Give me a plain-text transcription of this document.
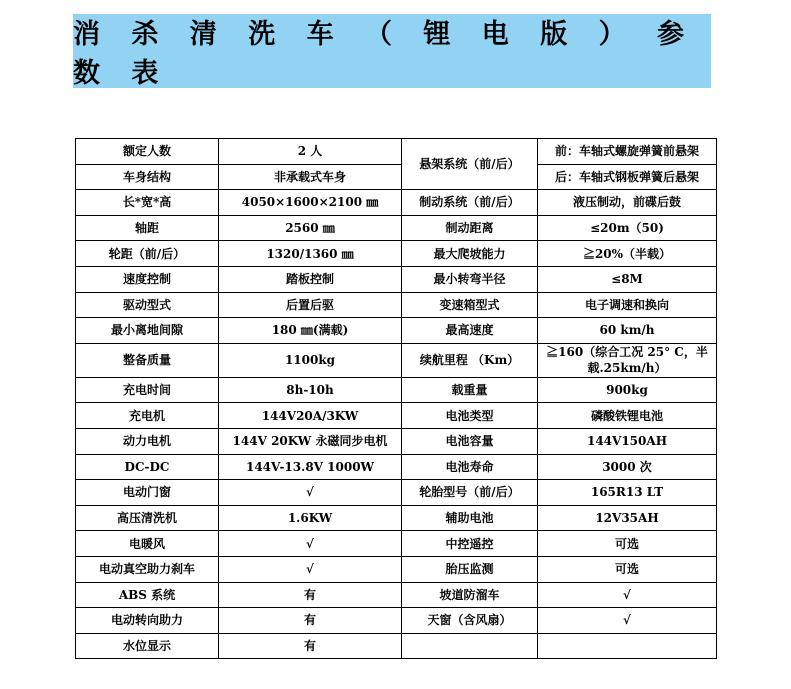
消 杀 清 洗 车 （ 锂 电 版 ） 参 数 表
额定人数	2 人	悬架系统（前/后）	前：车轴式螺旋弹簧前悬架
车身结构	非承载式车身		后：车轴式钢板弹簧后悬架
长*宽*高	4050×1600×2100 ㎜	制动系统（前/后）	液压制动，前碟后鼓
轴距	2560 ㎜	制动距离	≤20m（50)
轮距（前/后）	1320/1360 ㎜	最大爬坡能力	≧20%（半载）
速度控制	踏板控制	最小转弯半径	≤8M
驱动型式	后置后驱	变速箱型式	电子调速和换向
最小离地间隙	180 ㎜(满载)	最高速度	60 km/h
整备质量	1100kg	续航里程 （Km）	≧160（综合工况 25° C，半载.25km/h）
充电时间	8h-10h	载重量	900kg
充电机	144V20A/3KW	电池类型	磷酸铁锂电池
动力电机	144V 20KW 永磁同步电机	电池容量	144V150AH
DC-DC	144V-13.8V 1000W	电池寿命	3000 次
电动门窗	√	轮胎型号（前/后）	165R13 LT
高压清洗机	1.6KW	辅助电池	12V35AH
电暖风	√	中控遥控	可选
电动真空助力刹车	√	胎压监测	可选
ABS 系统	有	坡道防溜车	√
电动转向助力	有	天窗（含风扇）	√
水位显示	有		
